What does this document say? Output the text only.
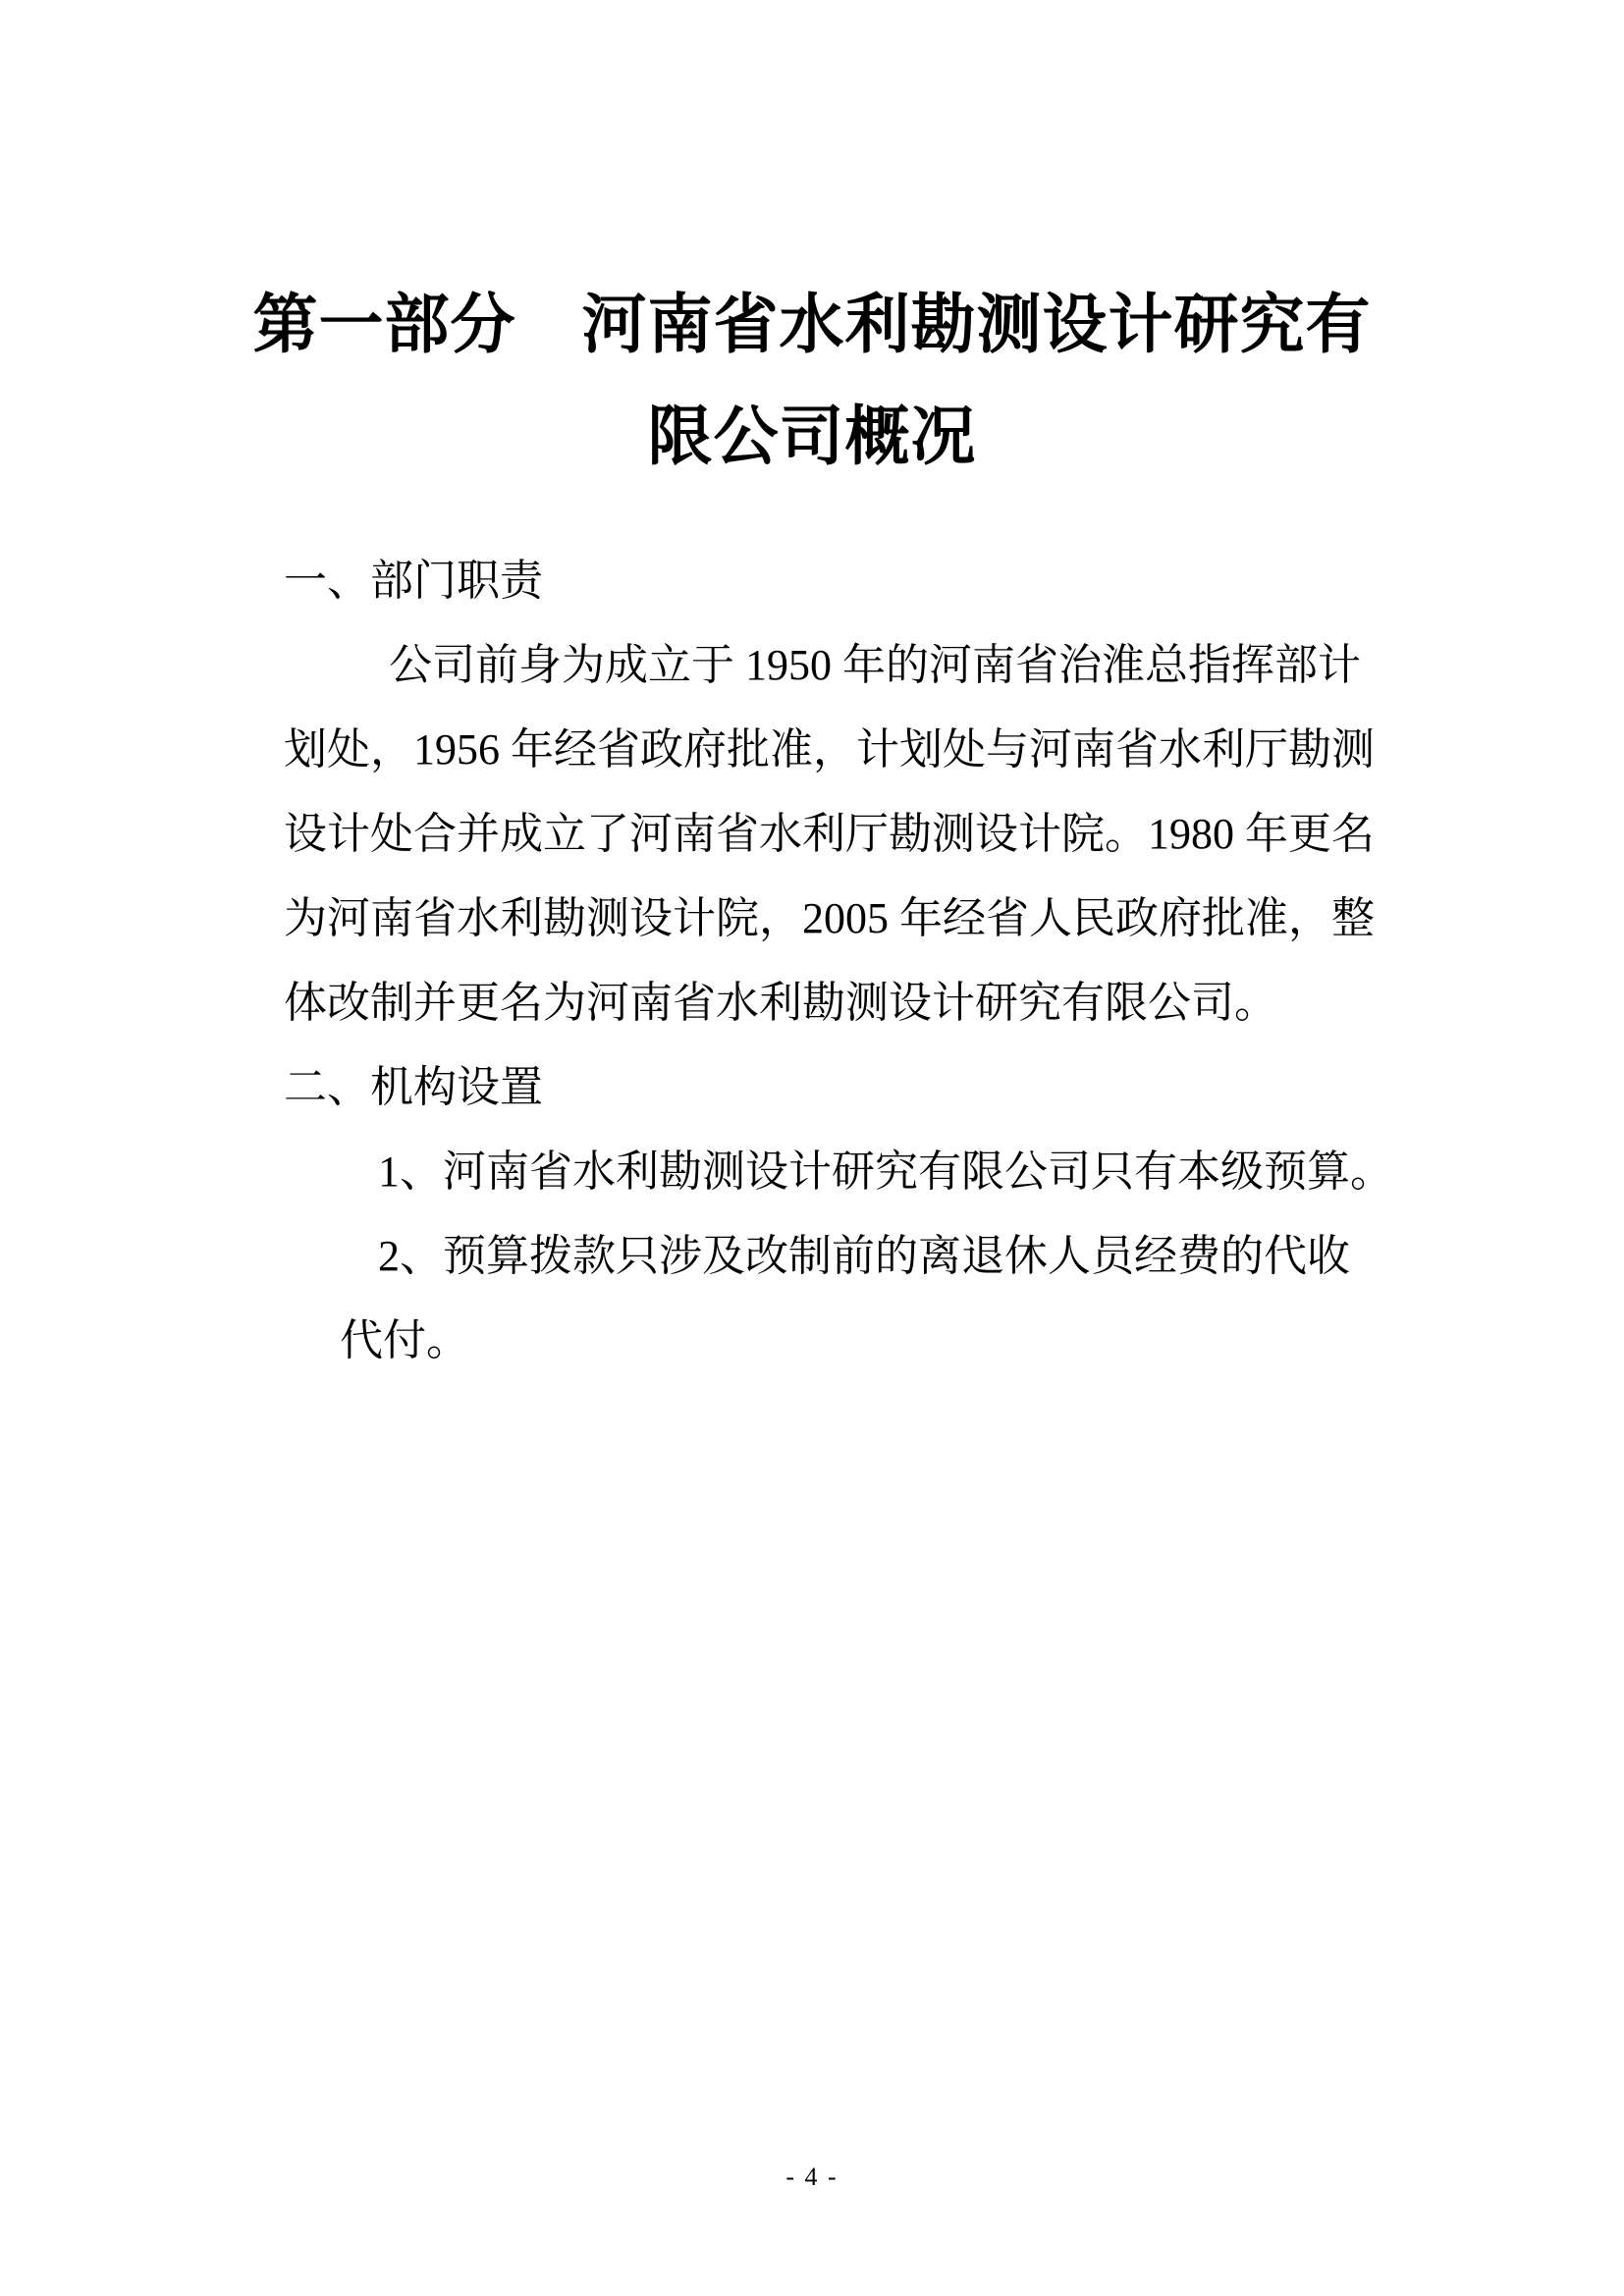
第一部分　河南省水利勘测设计研究有
限公司概况
一、部门职责
公司前身为成立于 1950 年的河南省治淮总指挥部计
划处，1956 年经省政府批准，计划处与河南省水利厅勘测
设计处合并成立了河南省水利厅勘测设计院。1980 年更名
为河南省水利勘测设计院，2005 年经省人民政府批准，整
体改制并更名为河南省水利勘测设计研究有限公司。
二、机构设置
1、河南省水利勘测设计研究有限公司只有本级预算。
2、预算拨款只涉及改制前的离退休人员经费的代收
代付。
- 4 -
